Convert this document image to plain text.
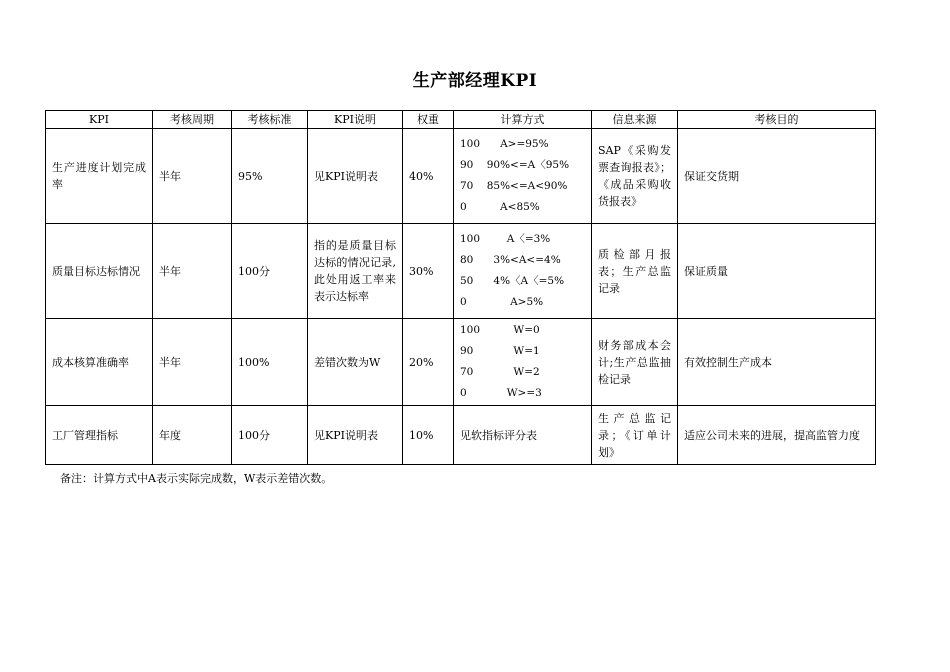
生产部经理KPI
KPI	考核周期	考核标准	KPI说明	权重	计算方式	信息来源	考核目的
生产进度计划完成率	半年	95%	见KPI说明表	40%	100      A>=95%
90    90%<=A〈95%
70    85%<=A<90%
0          A<85%	SAP《采购发票查询报表》；《成品采购收货报表》	保证交货期
质量目标达标情况	半年	100分	指的是质量目标达标的情况记录,此处用返工率来表示达标率	30%	100        A〈=3%
80      3%<A<=4%
50      4%〈A〈=5%
0             A>5%	质检部月报表；生产总监记录	保证质量
成本核算准确率	半年	100%	差错次数为W	20%	100          W=0
90            W=1
70            W=2
0            W>=3	财务部成本会计;生产总监抽检记录	有效控制生产成本
工厂管理指标	年度	100分	见KPI说明表	10%	见软指标评分表	生产总监记录；《订单计划》	适应公司未来的进展，提高监管力度
备注：计算方式中A表示实际完成数，W表示差错次数。
